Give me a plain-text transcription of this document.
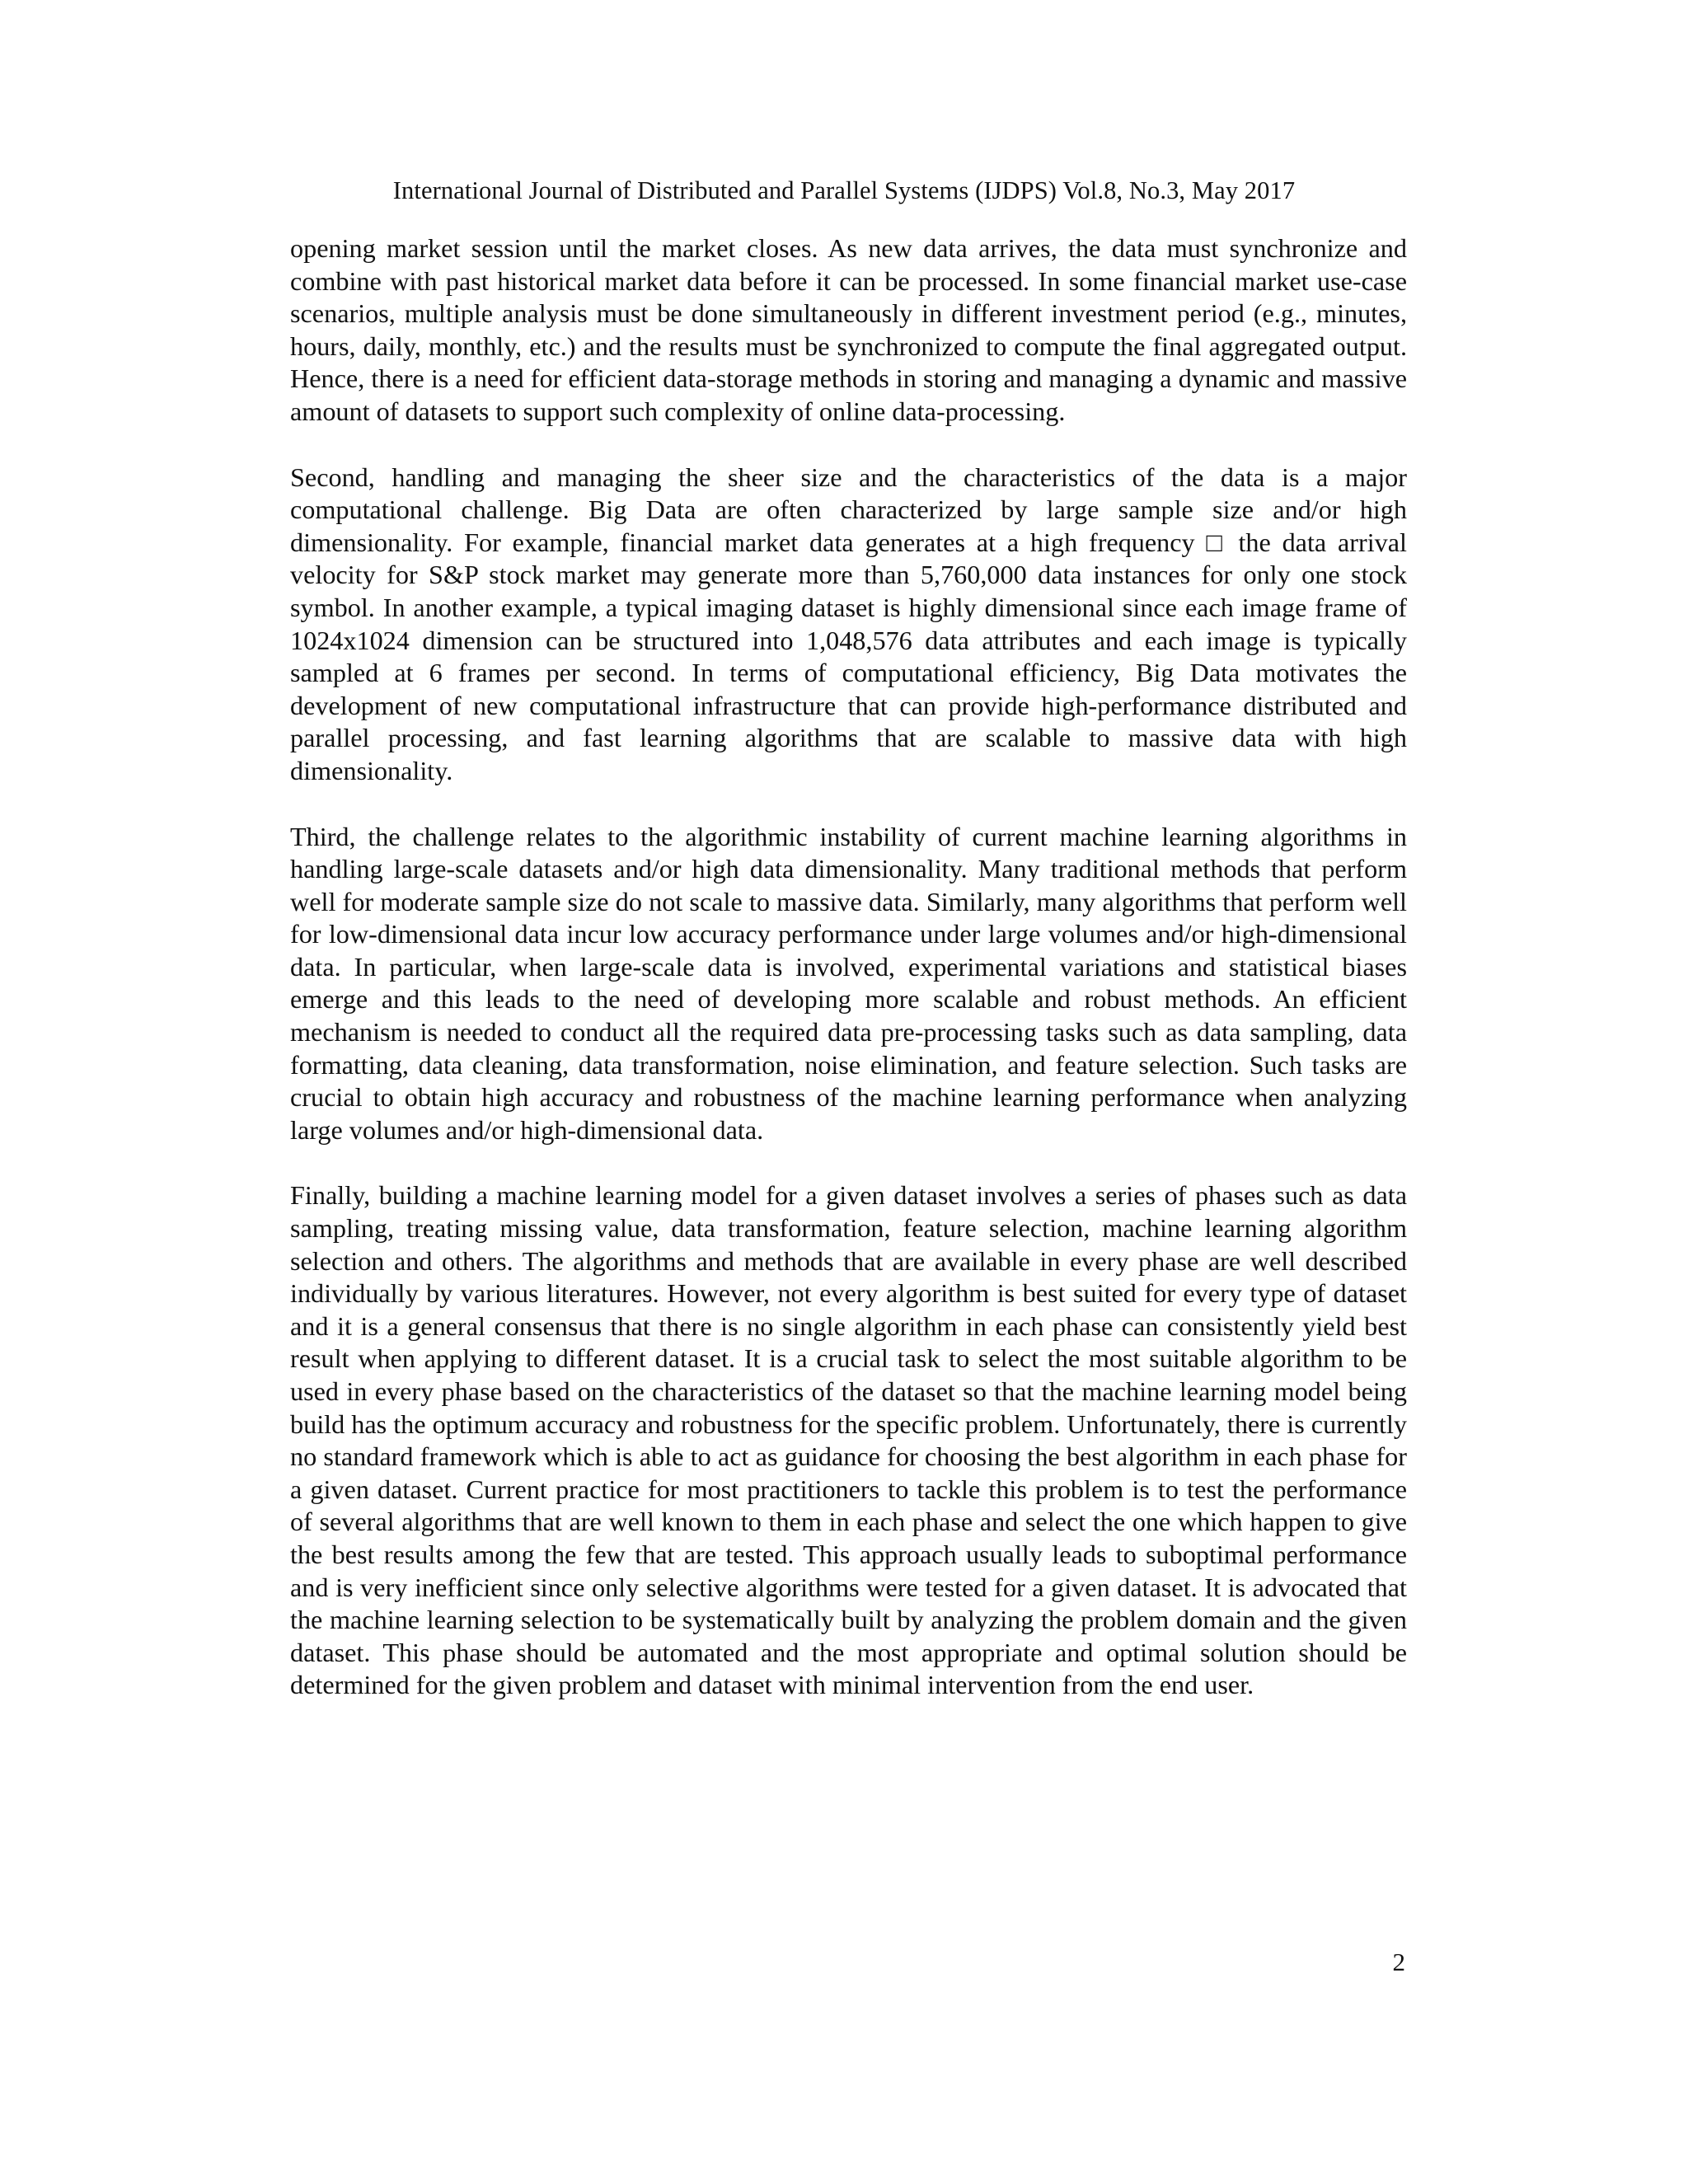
International Journal of Distributed and Parallel Systems (IJDPS) Vol.8, No.3, May 2017

opening market session until the market closes. As new data arrives, the data must synchronize and combine with past historical market data before it can be processed. In some financial market use-case scenarios, multiple analysis must be done simultaneously in different investment period (e.g., minutes, hours, daily, monthly, etc.) and the results must be synchronized to compute the final aggregated output. Hence, there is a need for efficient data-storage methods in storing and managing a dynamic and massive amount of datasets to support such complexity of online data-processing.

Second, handling and managing the sheer size and the characteristics of the data is a major computational challenge. Big Data are often characterized by large sample size and/or high dimensionality. For example, financial market data generates at a high frequency □ the data arrival velocity for S&P stock market may generate more than 5,760,000 data instances for only one stock symbol. In another example, a typical imaging dataset is highly dimensional since each image frame of 1024x1024 dimension can be structured into 1,048,576 data attributes and each image is typically sampled at 6 frames per second. In terms of computational efficiency, Big Data motivates the development of new computational infrastructure that can provide high-performance distributed and parallel processing, and fast learning algorithms that are scalable to massive data with high dimensionality.

Third, the challenge relates to the algorithmic instability of current machine learning algorithms in handling large-scale datasets and/or high data dimensionality. Many traditional methods that perform well for moderate sample size do not scale to massive data. Similarly, many algorithms that perform well for low-dimensional data incur low accuracy performance under large volumes and/or high-dimensional data. In particular, when large-scale data is involved, experimental variations and statistical biases emerge and this leads to the need of developing more scalable and robust methods. An efficient mechanism is needed to conduct all the required data pre-processing tasks such as data sampling, data formatting, data cleaning, data transformation, noise elimination, and feature selection. Such tasks are crucial to obtain high accuracy and robustness of the machine learning performance when analyzing large volumes and/or high-dimensional data.

Finally, building a machine learning model for a given dataset involves a series of phases such as data sampling, treating missing value, data transformation, feature selection, machine learning algorithm selection and others. The algorithms and methods that are available in every phase are well described individually by various literatures. However, not every algorithm is best suited for every type of dataset and it is a general consensus that there is no single algorithm in each phase can consistently yield best result when applying to different dataset. It is a crucial task to select the most suitable algorithm to be used in every phase based on the characteristics of the dataset so that the machine learning model being build has the optimum accuracy and robustness for the specific problem. Unfortunately, there is currently no standard framework which is able to act as guidance for choosing the best algorithm in each phase for a given dataset. Current practice for most practitioners to tackle this problem is to test the performance of several algorithms that are well known to them in each phase and select the one which happen to give the best results among the few that are tested. This approach usually leads to suboptimal performance and is very inefficient since only selective algorithms were tested for a given dataset. It is advocated that the machine learning selection to be systematically built by analyzing the problem domain and the given dataset. This phase should be automated and the most appropriate and optimal solution should be determined for the given problem and dataset with minimal intervention from the end user.

2
